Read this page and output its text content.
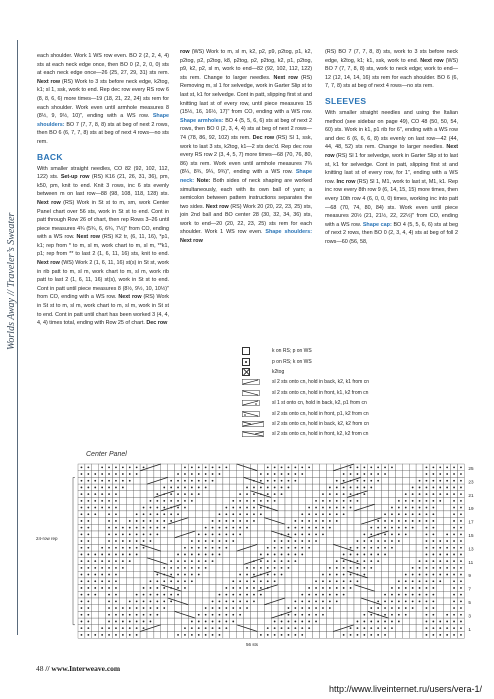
Worlds Away // Traveler’s Sweater

each shoulder. Work 1 WS row even. BO 2 (2, 2, 4, 4) sts at each neck edge once, then BO 0 (2, 2, 0, 0) sts at each neck edge once—26 (25, 27, 29, 31) sts rem. Next row (RS) Work to 3 sts before neck edge, k2tog, k1; sl 1, ssk, work to end. Rep dec row every RS row 6 (8, 8, 6, 6) more times—19 (18, 21, 22, 24) sts rem for each shoulder. Work even until armhole measures 8 (8½, 9, 9½, 10)", ending with a WS row. Shape shoulders: BO 7 (7, 7, 8, 8) sts at beg of next 2 rows, then BO 6 (6, 7, 7, 8) sts at beg of next 4 rows—no sts rem.

BACK

With smaller straight needles, CO 82 (92, 102, 112, 122) sts. Set-up row (RS) K16 (21, 26, 31, 36), pm, k50, pm, knit to end. Knit 3 rows, inc 6 sts evenly between m on last row—88 (98, 108, 118, 128) sts. Next row (RS) Work in St st to m, sm, work Center Panel chart over 56 sts, work in St st to end. Cont in patt through Row 26 of chart, then rep Rows 3–26 until piece measures 4¾ (5¾, 6, 6¾, 7½)" from CO, ending with a WS row. Next row (RS) K2 tr, (6, 11, 16), *p1, k1; rep from * to m, sl m, work chart to m, sl m, **k1, p1; rep from ** to last 2 (1, 6, 11, 16) sts, knit to end. Next row (WS) Work 2 (1, 6, 11, 16) st(s) in St st, work in rib patt to m, sl m, work chart to m, sl m, work rib patt to last 2 (1, 6, 11, 16) st(s), work in St st to end. Cont in patt until piece measures 8 (8½, 9½, 10, 10½)" from CO, ending with a WS row. Next row (RS) Work in St st to m, sl m, work chart to m, sl m, work in St st to end. Cont in patt until chart has been worked 3 (4, 4, 4, 4) times total, ending with Row 25 of chart. Dec row

row (WS) Work to m, sl m, k2, p2, p9, p2tog, p1, k2, p2tog, p2, p2tog, k8, p2tog, p2, p2tog, k2, p1, p2tog, p9, k2, p2, sl m, work to end—82 (92, 102, 112, 122) sts rem. Change to larger needles. Next row (RS) Removing m, sl 1 for selvedge, work in Garter Slip st to last st, k1 for selvedge. Cont in patt, slipping first st and knitting last st of every row, until piece measures 15 (15½, 16, 16½, 17)" from CO, ending with a WS row. Shape armholes: BO 4 (5, 5, 6, 6) sts at beg of next 2 rows, then BO 0 (2, 3, 4, 4) sts at beg of next 2 rows—74 (78, 86, 92, 102) sts rem. Dec row (RS) Sl 1, ssk, work to last 3 sts, k2tog, k1—2 sts dec’d. Rep dec row every RS row 2 (3, 4, 5, 7) more times—68 (70, 76, 80, 86) sts rem. Work even until armhole measures 7¾ (8¼, 8¾, 9¼, 9¾)", ending with a WS row. Shape neck: Note: Both sides of neck shaping are worked simultaneously, each with its own ball of yarn; a semicolon between pattern instructions separates the two sides. Next row (RS) Work 20 (20, 22, 23, 25) sts, join 2nd ball and BO center 28 (30, 32, 34, 36) sts, work to end—20 (20, 22, 23, 25) sts rem for each shoulder. Work 1 WS row even. Shape shoulders: Next row

(RS) BO 7 (7, 7, 8, 8) sts, work to 3 sts before neck edge, k2tog, k1; k1, ssk, work to end. Next row (WS) BO 7 (7, 7, 8, 8) sts, work to neck edge; work to end—12 (12, 14, 14, 16) sts rem for each shoulder. BO 6 (6, 7, 7, 8) sts at beg of next 4 rows—no sts rem.

SLEEVES

With smaller straight needles and using the Italian method (see sidebar on page 49), CO 48 (50, 50, 54, 60) sts. Work in k1, p1 rib for 6", ending with a WS row and dec 6 (6, 6, 6, 8) sts evenly on last row—42 (44, 44, 48, 52) sts rem. Change to larger needles. Next row (RS) Sl 1 for selvedge, work in Garter Slip st to last st, k1 for selvedge. Cont in patt, slipping first st and knitting last st of every row, for 1", ending with a WS row. Inc row (RS) Sl 1, M1, work to last st, M1, k1. Rep inc row every 8th row 9 (6, 14, 15, 15) more times, then every 10th row 4 (6, 0, 0, 0) times, working inc into patt—68 (70, 74, 80, 84) sts. Work even until piece measures 20½ (21, 21½, 22, 22½)" from CO, ending with a WS row. Shape cap: BO 4 (5, 5, 6, 6) sts at beg of next 2 rows, then BO 0 (2, 3, 4, 4) sts at beg of foll 2 rows—60 (56, 58,

k on RS; p on WS
p on RS; k on WS
k2tog
sl 2 sts onto cn, hold in back, k2, k1 from cn
sl 2 sts onto cn, hold in front, k1, k2 from cn
sl 1 st onto cn, hold in back, k2, p1 from cn
sl 2 sts onto cn, hold in front, p1, k2 from cn
sl 2 sts onto cn, hold in back, k2, k2 from cn
sl 2 sts onto cn, hold in front, k2, k2 from cn
Center Panel
24-row rep
56 sts
25
23
21
19
17
15
13
11
9
7
5
3
1
48 // www.Interweave.com
http://www.liveinternet.ru/users/vera-1/
